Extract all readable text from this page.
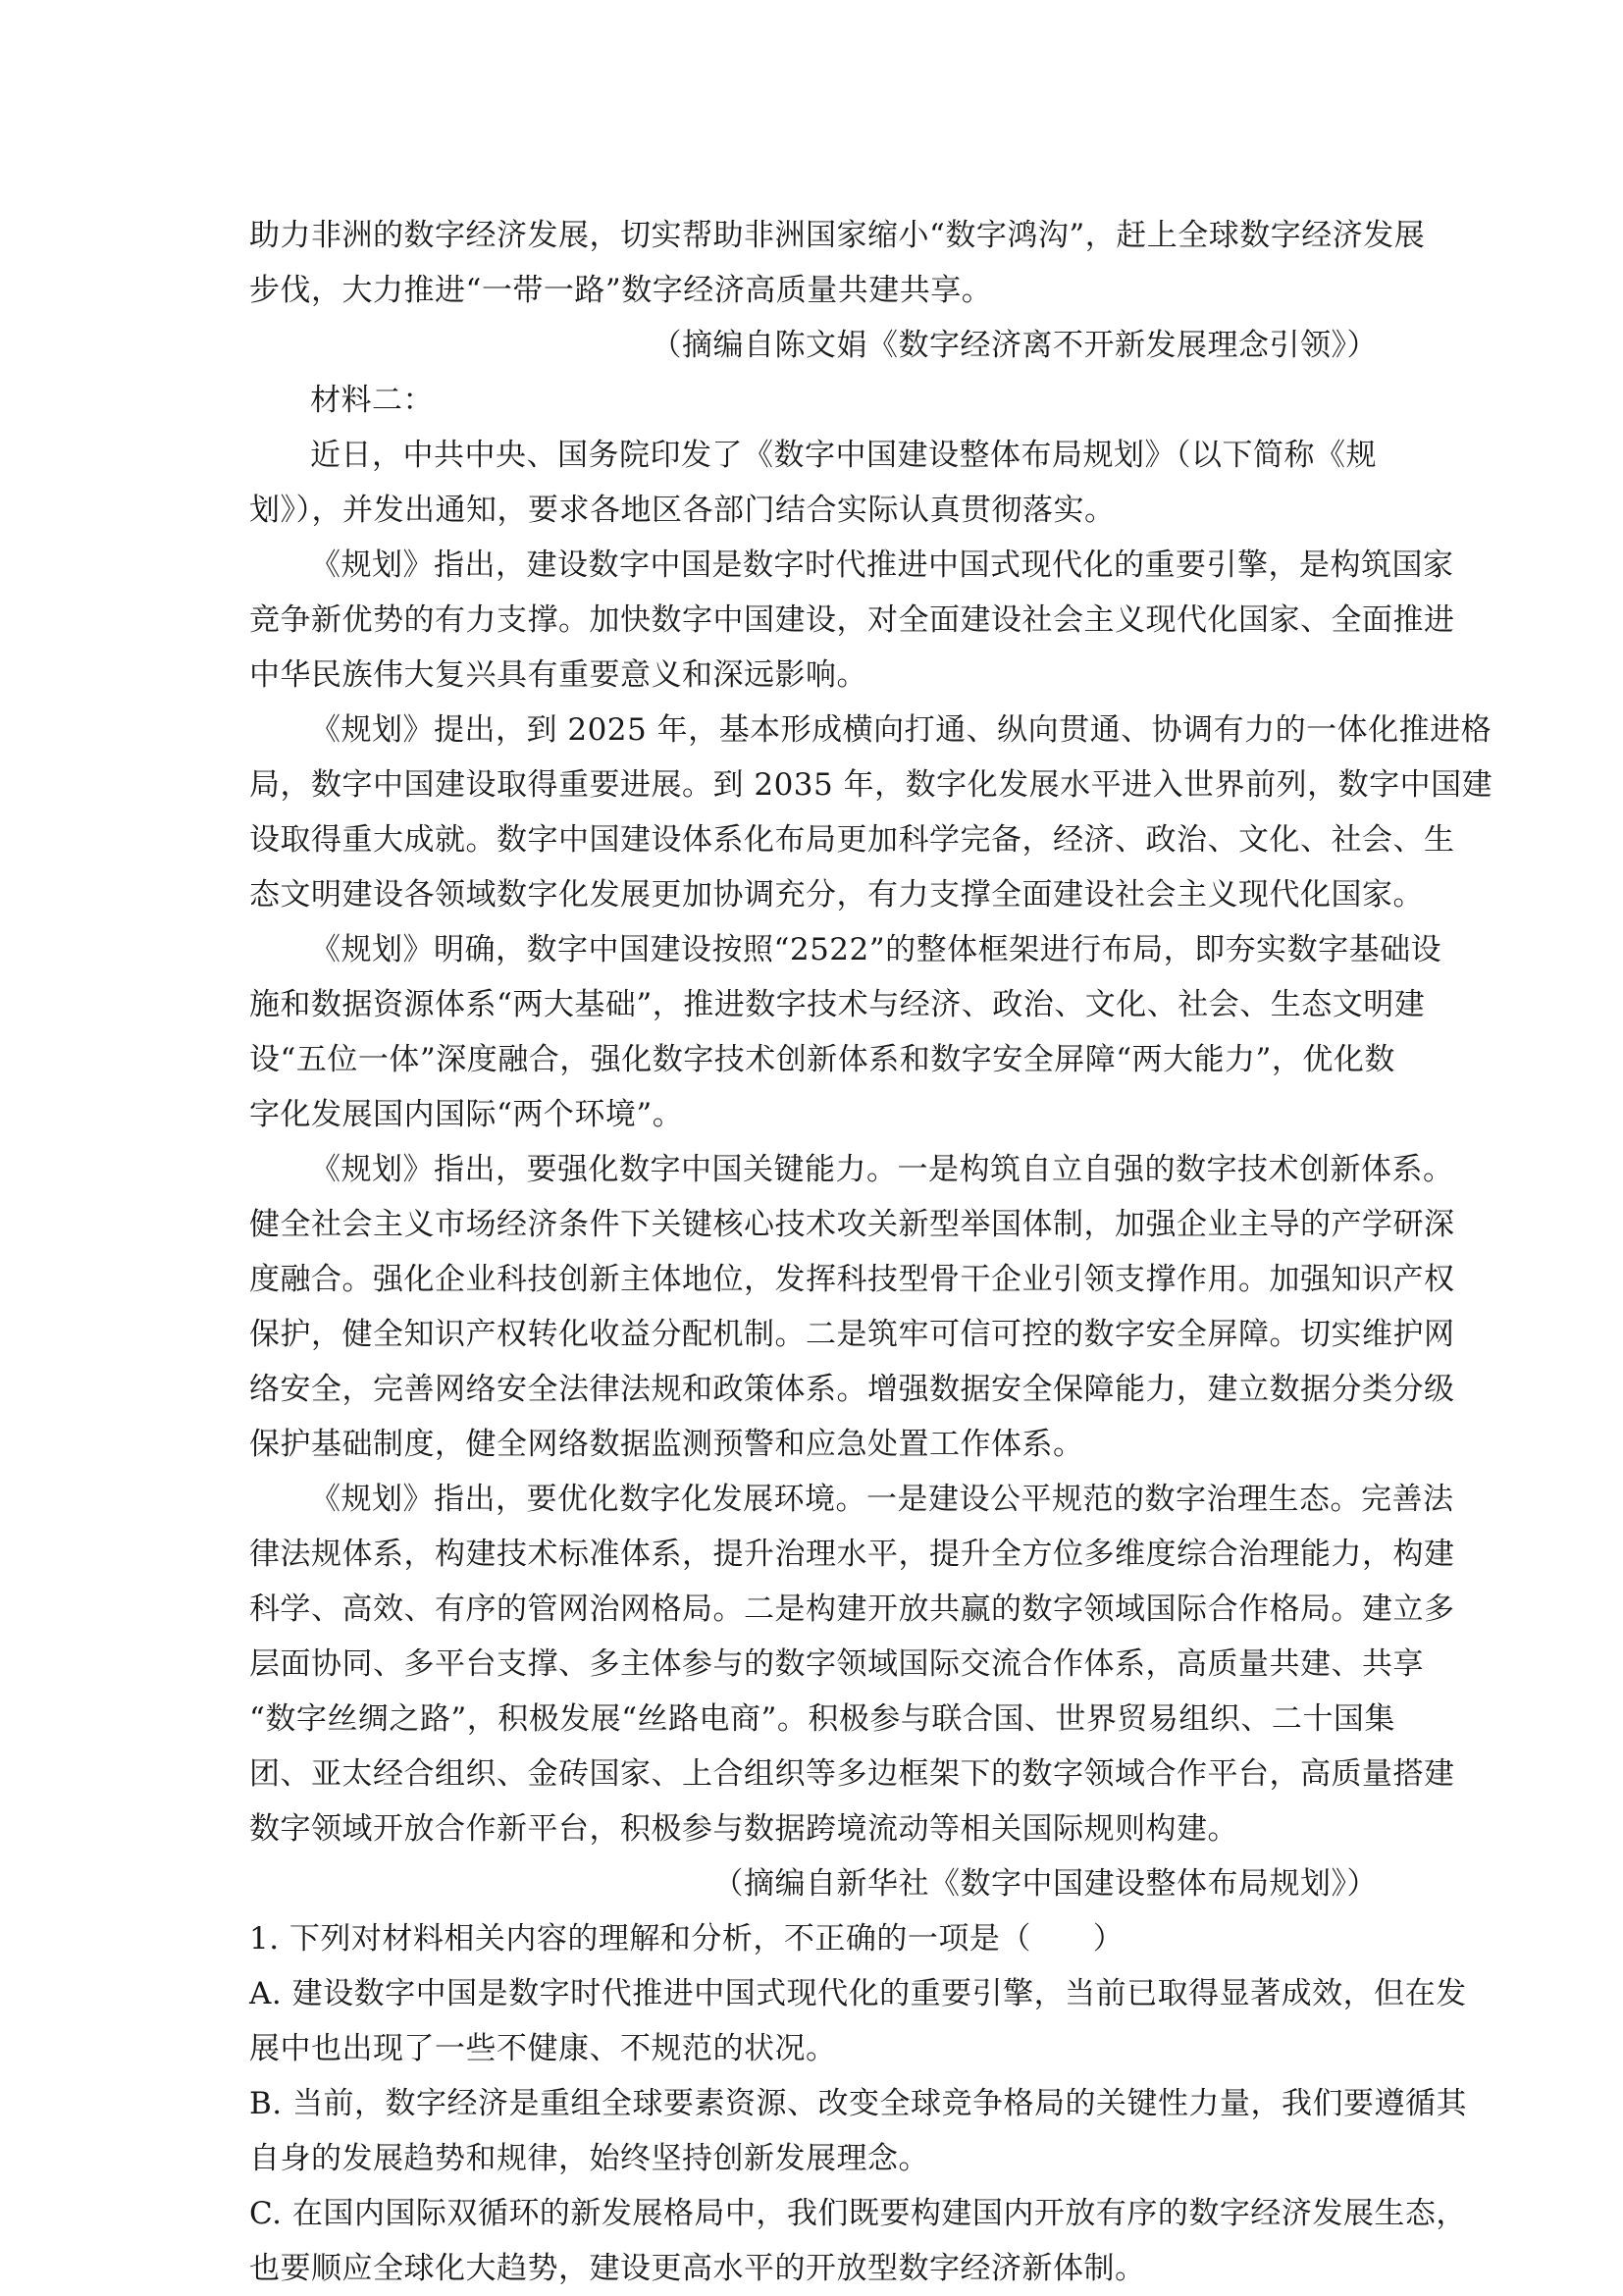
助力非洲的数字经济发展，切实帮助非洲国家缩小“数字鸿沟”，赶上全球数字经济发展
步伐，大力推进“一带一路”数字经济高质量共建共享。
（摘编自陈文娟《数字经济离不开新发展理念引领》）
材料二：
近日，中共中央、国务院印发了《数字中国建设整体布局规划》（以下简称《规
划》），并发出通知，要求各地区各部门结合实际认真贯彻落实。
《规划》指出，建设数字中国是数字时代推进中国式现代化的重要引擎，是构筑国家
竞争新优势的有力支撑。加快数字中国建设，对全面建设社会主义现代化国家、全面推进
中华民族伟大复兴具有重要意义和深远影响。
《规划》提出，到 2025 年，基本形成横向打通、纵向贯通、协调有力的一体化推进格
局，数字中国建设取得重要进展。到 2035 年，数字化发展水平进入世界前列，数字中国建
设取得重大成就。数字中国建设体系化布局更加科学完备，经济、政治、文化、社会、生
态文明建设各领域数字化发展更加协调充分，有力支撑全面建设社会主义现代化国家。
《规划》明确，数字中国建设按照“2522”的整体框架进行布局，即夯实数字基础设
施和数据资源体系“两大基础”，推进数字技术与经济、政治、文化、社会、生态文明建
设“五位一体”深度融合，强化数字技术创新体系和数字安全屏障“两大能力”，优化数
字化发展国内国际“两个环境”。
《规划》指出，要强化数字中国关键能力。一是构筑自立自强的数字技术创新体系。
健全社会主义市场经济条件下关键核心技术攻关新型举国体制，加强企业主导的产学研深
度融合。强化企业科技创新主体地位，发挥科技型骨干企业引领支撑作用。加强知识产权
保护，健全知识产权转化收益分配机制。二是筑牢可信可控的数字安全屏障。切实维护网
络安全，完善网络安全法律法规和政策体系。增强数据安全保障能力，建立数据分类分级
保护基础制度，健全网络数据监测预警和应急处置工作体系。
《规划》指出，要优化数字化发展环境。一是建设公平规范的数字治理生态。完善法
律法规体系，构建技术标准体系，提升治理水平，提升全方位多维度综合治理能力，构建
科学、高效、有序的管网治网格局。二是构建开放共赢的数字领域国际合作格局。建立多
层面协同、多平台支撑、多主体参与的数字领域国际交流合作体系，高质量共建、共享
“数字丝绸之路”，积极发展“丝路电商”。积极参与联合国、世界贸易组织、二十国集
团、亚太经合组织、金砖国家、上合组织等多边框架下的数字领域合作平台，高质量搭建
数字领域开放合作新平台，积极参与数据跨境流动等相关国际规则构建。
（摘编自新华社《数字中国建设整体布局规划》）
1. 下列对材料相关内容的理解和分析，不正确的一项是（　　）
A. 建设数字中国是数字时代推进中国式现代化的重要引擎，当前已取得显著成效，但在发
展中也出现了一些不健康、不规范的状况。
B. 当前，数字经济是重组全球要素资源、改变全球竞争格局的关键性力量，我们要遵循其
自身的发展趋势和规律，始终坚持创新发展理念。
C. 在国内国际双循环的新发展格局中，我们既要构建国内开放有序的数字经济发展生态，
也要顺应全球化大趋势，建设更高水平的开放型数字经济新体制。
